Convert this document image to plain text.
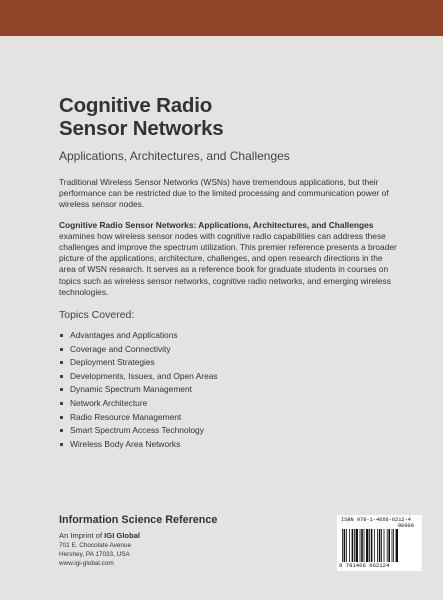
Cognitive Radio
Sensor Networks
Applications, Architectures, and Challenges

Traditional Wireless Sensor Networks (WSNs) have tremendous applications, but their performance can be restricted due to the limited processing and communication power of wireless sensor nodes.

Cognitive Radio Sensor Networks: Applications, Architectures, and Challenges examines how wireless sensor nodes with cognitive radio capabilities can address these challenges and improve the spectrum utilization. This premier reference presents a broader picture of the applications, architecture, challenges, and open research directions in the area of WSN research. It serves as a reference book for graduate students in courses on topics such as wireless sensor networks, cognitive radio networks, and emerging wireless technologies.

Topics Covered:
Advantages and Applications
Coverage and Connectivity
Deployment Strategies
Developments, Issues, and Open Areas
Dynamic Spectrum Management
Network Architecture
Radio Resource Management
Smart Spectrum Access Technology
Wireless Body Area Networks
Information Science Reference
An Imprint of IGI Global
701 E. Chocolate Avenue
Hershey, PA 17033, USA
www.igi-global.com
ISBN 978-1-4666-6212-4
90000
9 781466 662124
